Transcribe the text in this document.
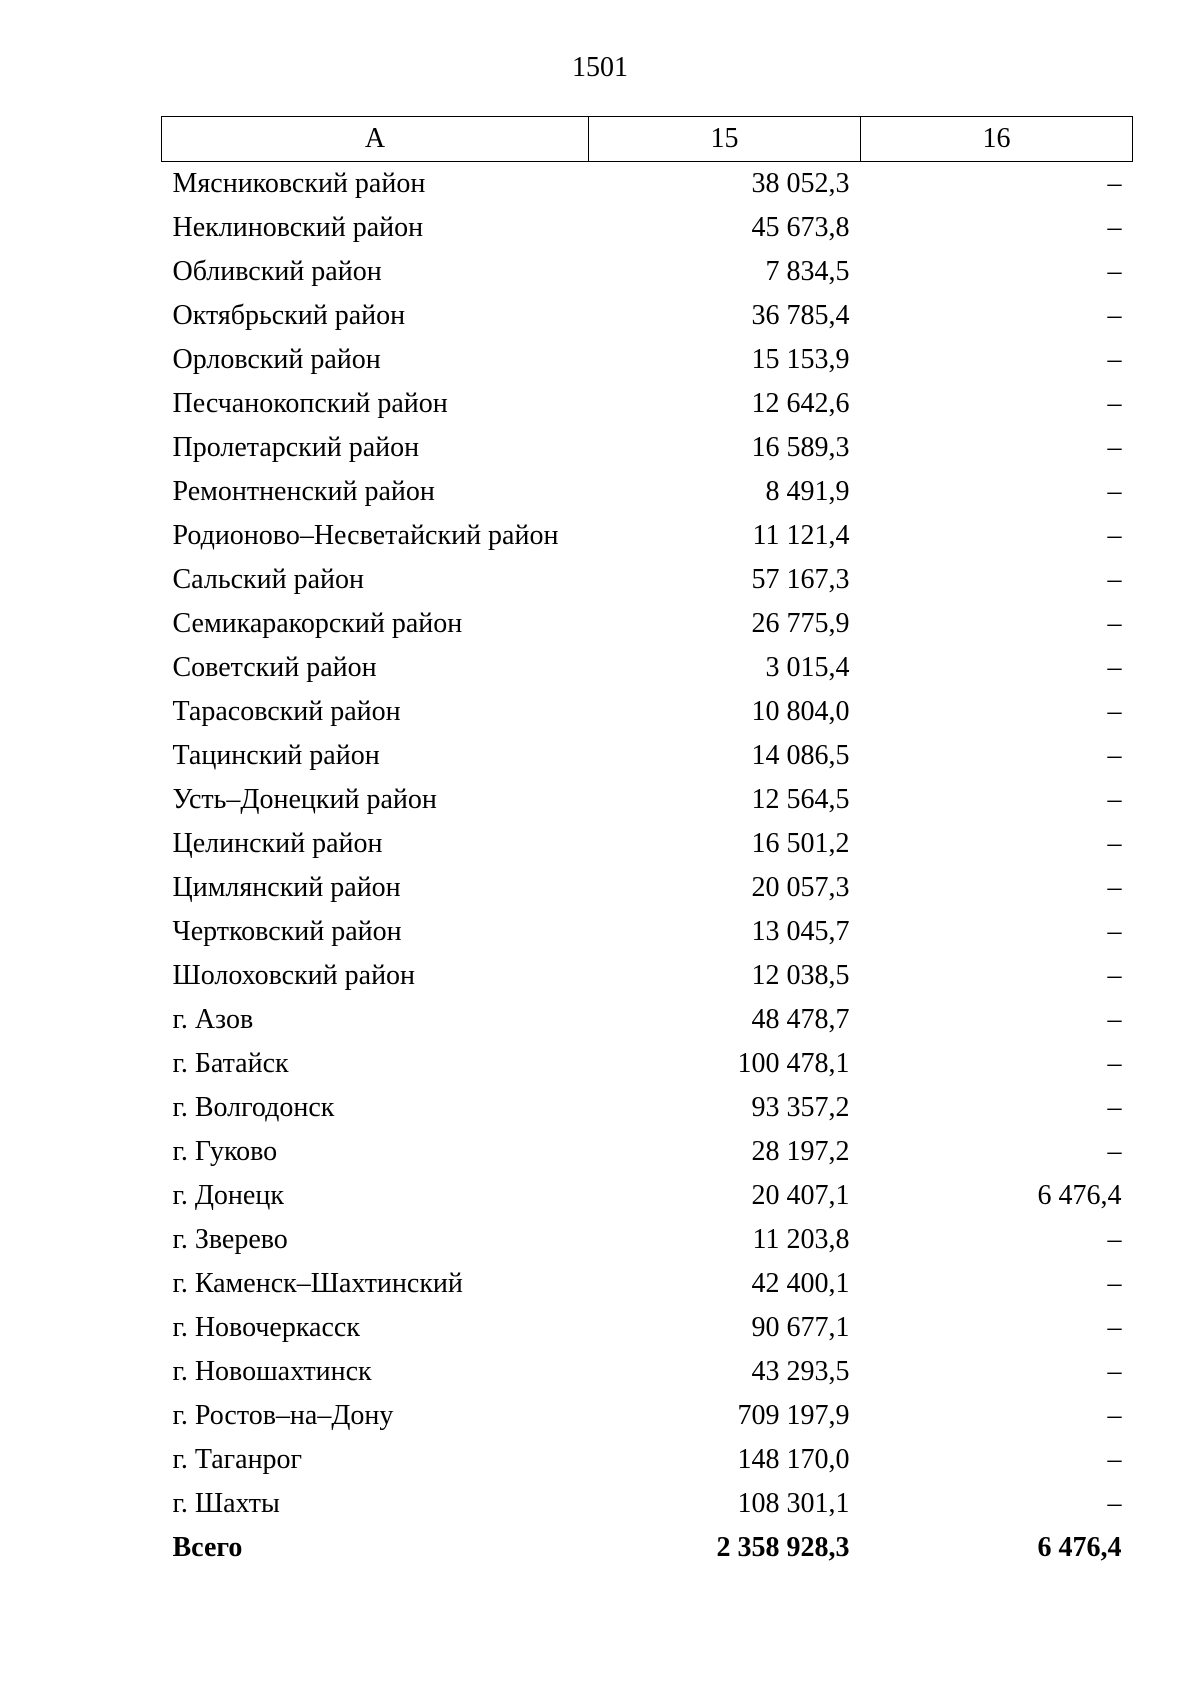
1501
А	15	16
Мясниковский район	38 052,3	–
Неклиновский район	45 673,8	–
Обливский район	7 834,5	–
Октябрьский район	36 785,4	–
Орловский район	15 153,9	–
Песчанокопский район	12 642,6	–
Пролетарский район	16 589,3	–
Ремонтненский район	8 491,9	–
Родионово–Несветайский район	11 121,4	–
Сальский район	57 167,3	–
Семикаракорский район	26 775,9	–
Советский район	3 015,4	–
Тарасовский район	10 804,0	–
Тацинский район	14 086,5	–
Усть–Донецкий район	12 564,5	–
Целинский район	16 501,2	–
Цимлянский район	20 057,3	–
Чертковский район	13 045,7	–
Шолоховский район	12 038,5	–
г. Азов	48 478,7	–
г. Батайск	100 478,1	–
г. Волгодонск	93 357,2	–
г. Гуково	28 197,2	–
г. Донецк	20 407,1	6 476,4
г. Зверево	11 203,8	–
г. Каменск–Шахтинский	42 400,1	–
г. Новочеркасск	90 677,1	–
г. Новошахтинск	43 293,5	–
г. Ростов–на–Дону	709 197,9	–
г. Таганрог	148 170,0	–
г. Шахты	108 301,1	–
Всего	2 358 928,3	6 476,4
